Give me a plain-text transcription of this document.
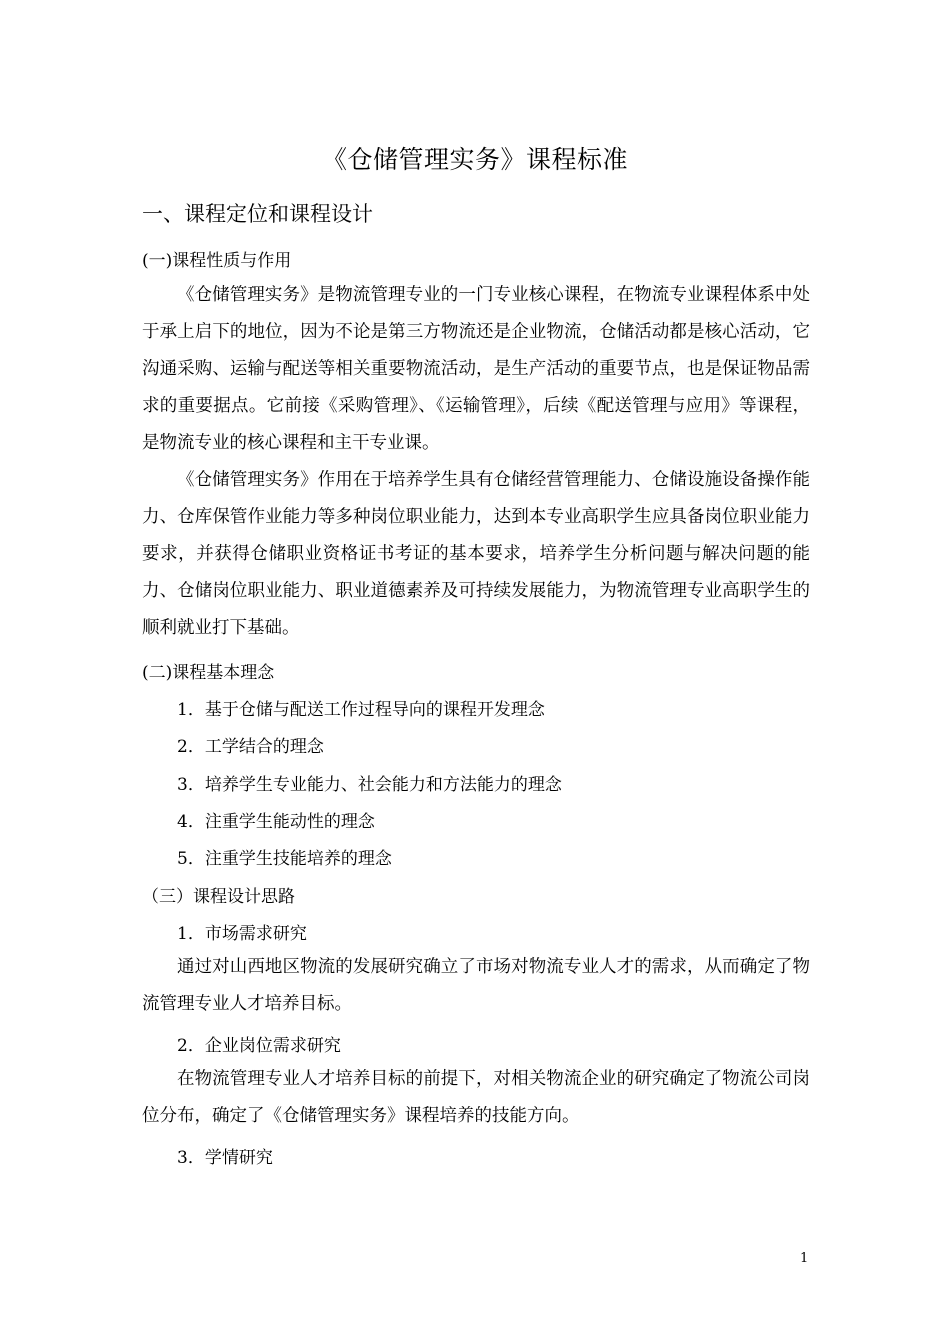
《仓储管理实务》课程标准
一、课程定位和课程设计
(一)课程性质与作用
《仓储管理实务》是物流管理专业的一门专业核心课程，在物流专业课程体系中处于承上启下的地位，因为不论是第三方物流还是企业物流，仓储活动都是核心活动，它沟通采购、运输与配送等相关重要物流活动，是生产活动的重要节点，也是保证物品需求的重要据点。它前接《采购管理》、《运输管理》，后续《配送管理与应用》等课程，是物流专业的核心课程和主干专业课。
《仓储管理实务》作用在于培养学生具有仓储经营管理能力、仓储设施设备操作能力、仓库保管作业能力等多种岗位职业能力，达到本专业高职学生应具备岗位职业能力要求，并获得仓储职业资格证书考证的基本要求，培养学生分析问题与解决问题的能力、仓储岗位职业能力、职业道德素养及可持续发展能力，为物流管理专业高职学生的顺利就业打下基础。
(二)课程基本理念
1．基于仓储与配送工作过程导向的课程开发理念
2．工学结合的理念
3．培养学生专业能力、社会能力和方法能力的理念
4．注重学生能动性的理念
5．注重学生技能培养的理念
（三）课程设计思路
1．市场需求研究
通过对山西地区物流的发展研究确立了市场对物流专业人才的需求，从而确定了物流管理专业人才培养目标。
2．企业岗位需求研究
在物流管理专业人才培养目标的前提下，对相关物流企业的研究确定了物流公司岗位分布，确定了《仓储管理实务》课程培养的技能方向。
3．学情研究
1
